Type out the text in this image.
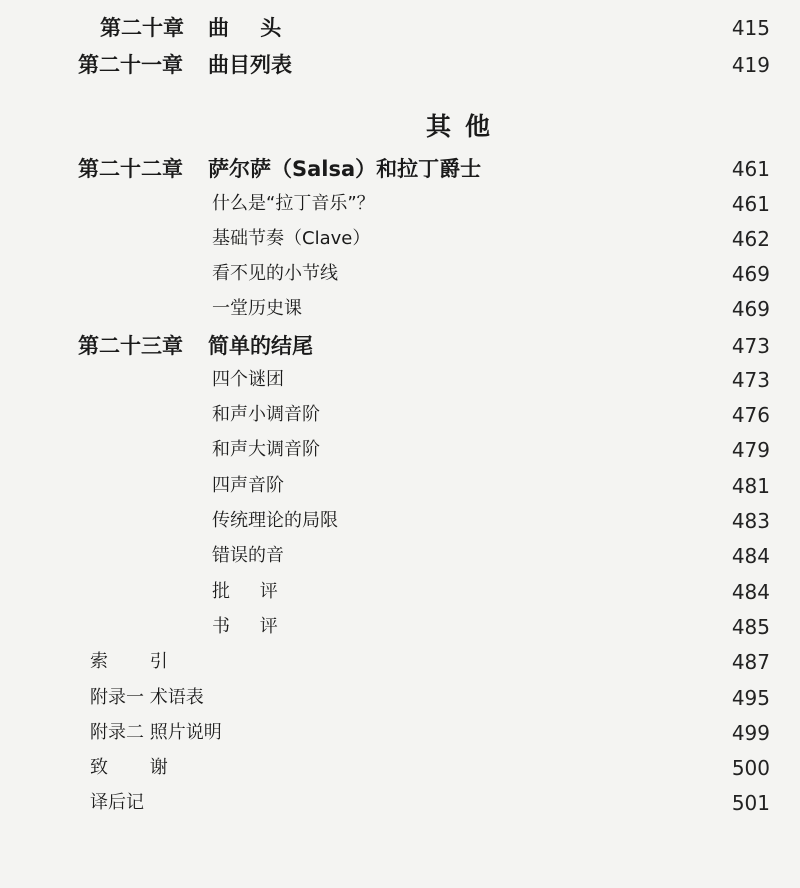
第二十章 曲 头	415
第二十一章 曲目列表	419
其他
第二十二章 萨尔萨（Salsa）和拉丁爵士	461
什么是“拉丁音乐”？	461
基础节奏（Clave）	462
看不见的小节线	469
一堂历史课	469
第二十三章 简单的结尾	473
四个谜团	473
和声小调音阶	476
和声大调音阶	479
四声音阶	481
传统理论的局限	483
错误的音	484
批 评	484
书 评	485
索 引	487
附录一 术语表	495
附录二 照片说明	499
致 谢	500
译后记	501
